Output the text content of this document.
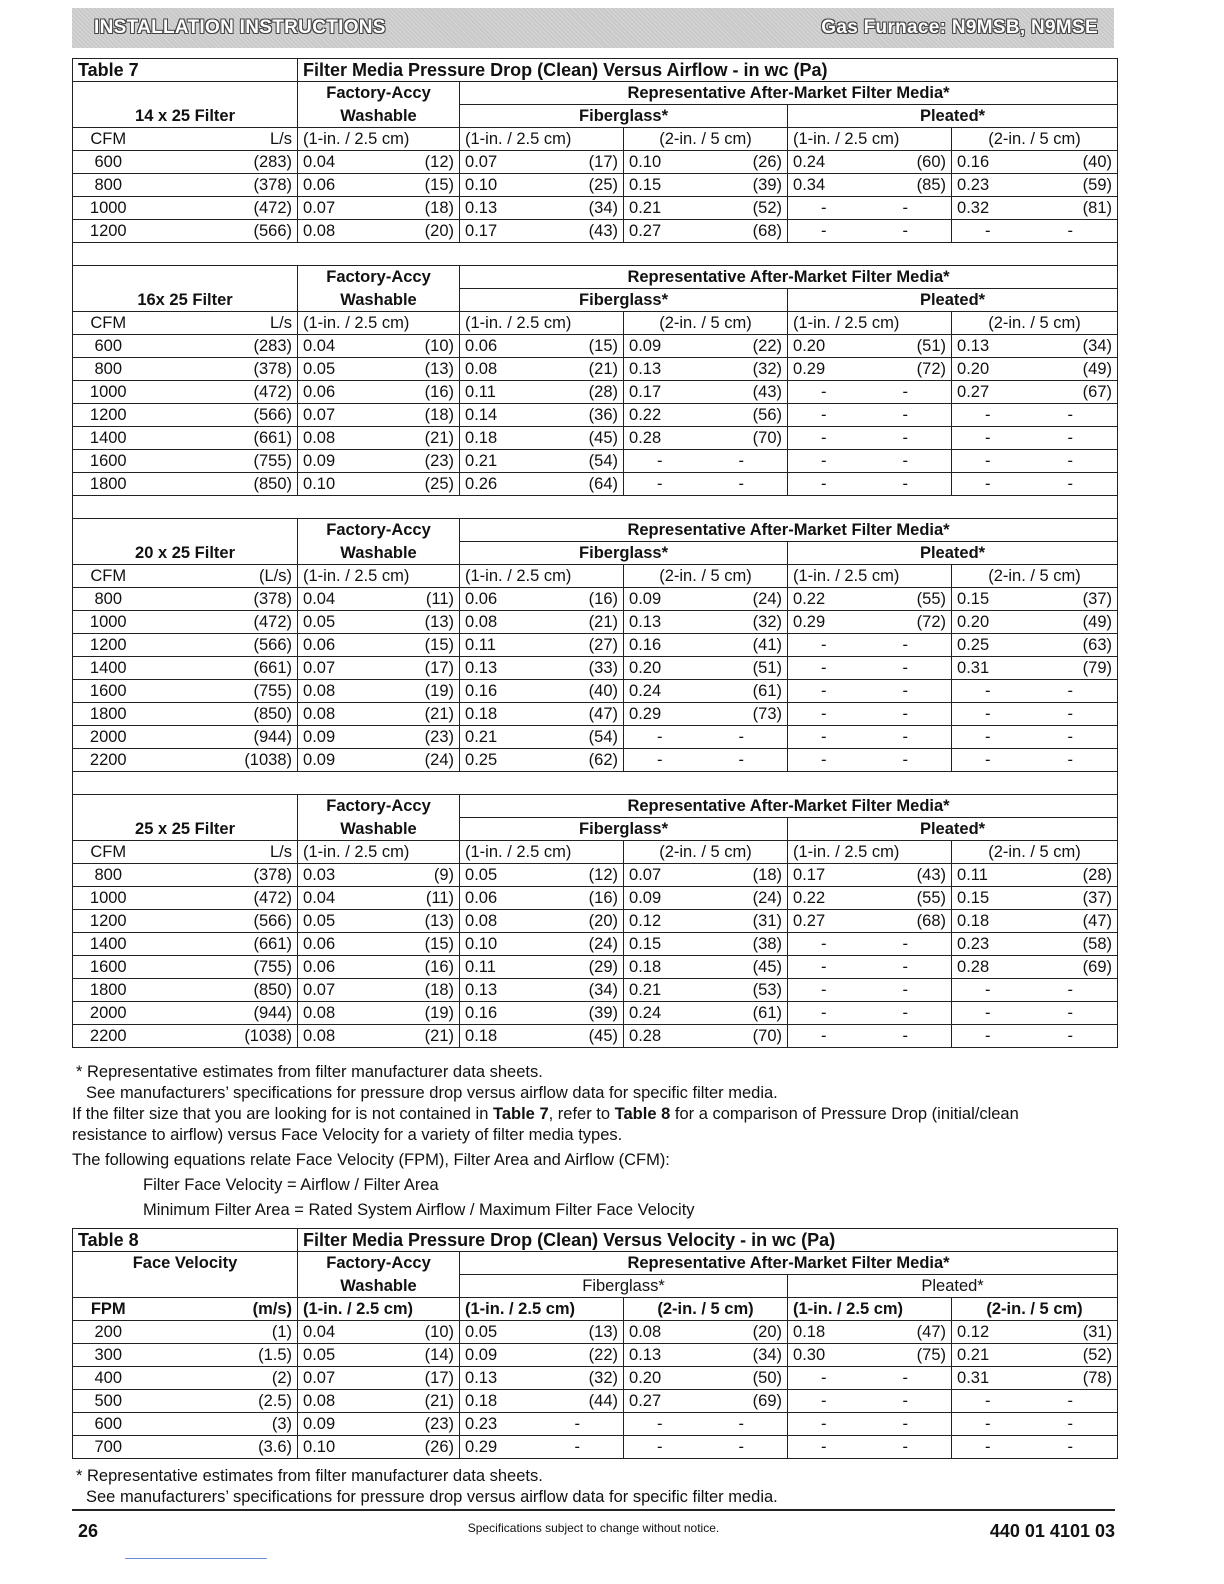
INSTALLATION INSTRUCTIONS	Gas Furnace: N9MSB, N9MSE
Table 7		Filter Media Pressure Drop (Clean) Versus Airflow - in wc (Pa)									
		Factory-Accy		Representative After-Market Filter Media*							
14 x 25 Filter		Washable		Fiberglass*				Pleated*			
CFM	L/s	(1-in. / 2.5 cm)		(1-in. / 2.5 cm)		(2-in. / 5 cm)		(1-in. / 2.5 cm)		(2-in. / 5 cm)	
600	(283)	0.04	(12)	0.07	(17)	0.10	(26)	0.24	(60)	0.16	(40)
800	(378)	0.06	(15)	0.10	(25)	0.15	(39)	0.34	(85)	0.23	(59)
1000	(472)	0.07	(18)	0.13	(34)	0.21	(52)	-	-	0.32	(81)
1200	(566)	0.08	(20)	0.17	(43)	0.27	(68)	-	-	-	-

		Factory-Accy		Representative After-Market Filter Media*							
16x 25 Filter		Washable		Fiberglass*				Pleated*			
CFM	L/s	(1-in. / 2.5 cm)		(1-in. / 2.5 cm)		(2-in. / 5 cm)		(1-in. / 2.5 cm)		(2-in. / 5 cm)	
600	(283)	0.04	(10)	0.06	(15)	0.09	(22)	0.20	(51)	0.13	(34)
800	(378)	0.05	(13)	0.08	(21)	0.13	(32)	0.29	(72)	0.20	(49)
1000	(472)	0.06	(16)	0.11	(28)	0.17	(43)	-	-	0.27	(67)
1200	(566)	0.07	(18)	0.14	(36)	0.22	(56)	-	-	-	-
1400	(661)	0.08	(21)	0.18	(45)	0.28	(70)	-	-	-	-
1600	(755)	0.09	(23)	0.21	(54)	-	-	-	-	-	-
1800	(850)	0.10	(25)	0.26	(64)	-	-	-	-	-	-

		Factory-Accy		Representative After-Market Filter Media*							
20 x 25 Filter		Washable		Fiberglass*				Pleated*			
CFM	(L/s)	(1-in. / 2.5 cm)		(1-in. / 2.5 cm)		(2-in. / 5 cm)		(1-in. / 2.5 cm)		(2-in. / 5 cm)	
800	(378)	0.04	(11)	0.06	(16)	0.09	(24)	0.22	(55)	0.15	(37)
1000	(472)	0.05	(13)	0.08	(21)	0.13	(32)	0.29	(72)	0.20	(49)
1200	(566)	0.06	(15)	0.11	(27)	0.16	(41)	-	-	0.25	(63)
1400	(661)	0.07	(17)	0.13	(33)	0.20	(51)	-	-	0.31	(79)
1600	(755)	0.08	(19)	0.16	(40)	0.24	(61)	-	-	-	-
1800	(850)	0.08	(21)	0.18	(47)	0.29	(73)	-	-	-	-
2000	(944)	0.09	(23)	0.21	(54)	-	-	-	-	-	-
2200	(1038)	0.09	(24)	0.25	(62)	-	-	-	-	-	-

		Factory-Accy		Representative After-Market Filter Media*							
25 x 25 Filter		Washable		Fiberglass*				Pleated*			
CFM	L/s	(1-in. / 2.5 cm)		(1-in. / 2.5 cm)		(2-in. / 5 cm)		(1-in. / 2.5 cm)		(2-in. / 5 cm)	
800	(378)	0.03	(9)	0.05	(12)	0.07	(18)	0.17	(43)	0.11	(28)
1000	(472)	0.04	(11)	0.06	(16)	0.09	(24)	0.22	(55)	0.15	(37)
1200	(566)	0.05	(13)	0.08	(20)	0.12	(31)	0.27	(68)	0.18	(47)
1400	(661)	0.06	(15)	0.10	(24)	0.15	(38)	-	-	0.23	(58)
1600	(755)	0.06	(16)	0.11	(29)	0.18	(45)	-	-	0.28	(69)
1800	(850)	0.07	(18)	0.13	(34)	0.21	(53)	-	-	-	-
2000	(944)	0.08	(19)	0.16	(39)	0.24	(61)	-	-	-	-
2200	(1038)	0.08	(21)	0.18	(45)	0.28	(70)	-	-	-	-
* Representative estimates from filter manufacturer data sheets.
See manufacturers’ specifications for pressure drop versus airflow data for specific filter media.
If the filter size that you are looking for is not contained in Table 7, refer to Table 8 for a comparison of Pressure Drop (initial/clean
resistance to airflow) versus Face Velocity for a variety of filter media types.
The following equations relate Face Velocity (FPM), Filter Area and Airflow (CFM):
Filter Face Velocity = Airflow / Filter Area
Minimum Filter Area = Rated System Airflow / Maximum Filter Face Velocity
Table 8		Filter Media Pressure Drop (Clean) Versus Velocity - in wc (Pa)									
Face Velocity		Factory-Accy		Representative After-Market Filter Media*							
		Washable		Fiberglass*				Pleated*			
FPM	(m/s)	(1-in. / 2.5 cm)		(1-in. / 2.5 cm)		(2-in. / 5 cm)		(1-in. / 2.5 cm)		(2-in. / 5 cm)	
200	(1)	0.04	(10)	0.05	(13)	0.08	(20)	0.18	(47)	0.12	(31)
300	(1.5)	0.05	(14)	0.09	(22)	0.13	(34)	0.30	(75)	0.21	(52)
400	(2)	0.07	(17)	0.13	(32)	0.20	(50)	-	-	0.31	(78)
500	(2.5)	0.08	(21)	0.18	(44)	0.27	(69)	-	-	-	-
600	(3)	0.09	(23)	0.23	-	-	-	-	-	-	-
700	(3.6)	0.10	(26)	0.29	-	-	-	-	-	-	-
* Representative estimates from filter manufacturer data sheets.
See manufacturers’ specifications for pressure drop versus airflow data for specific filter media.
26	Specifications subject to change without notice.	440 01 4101 03
